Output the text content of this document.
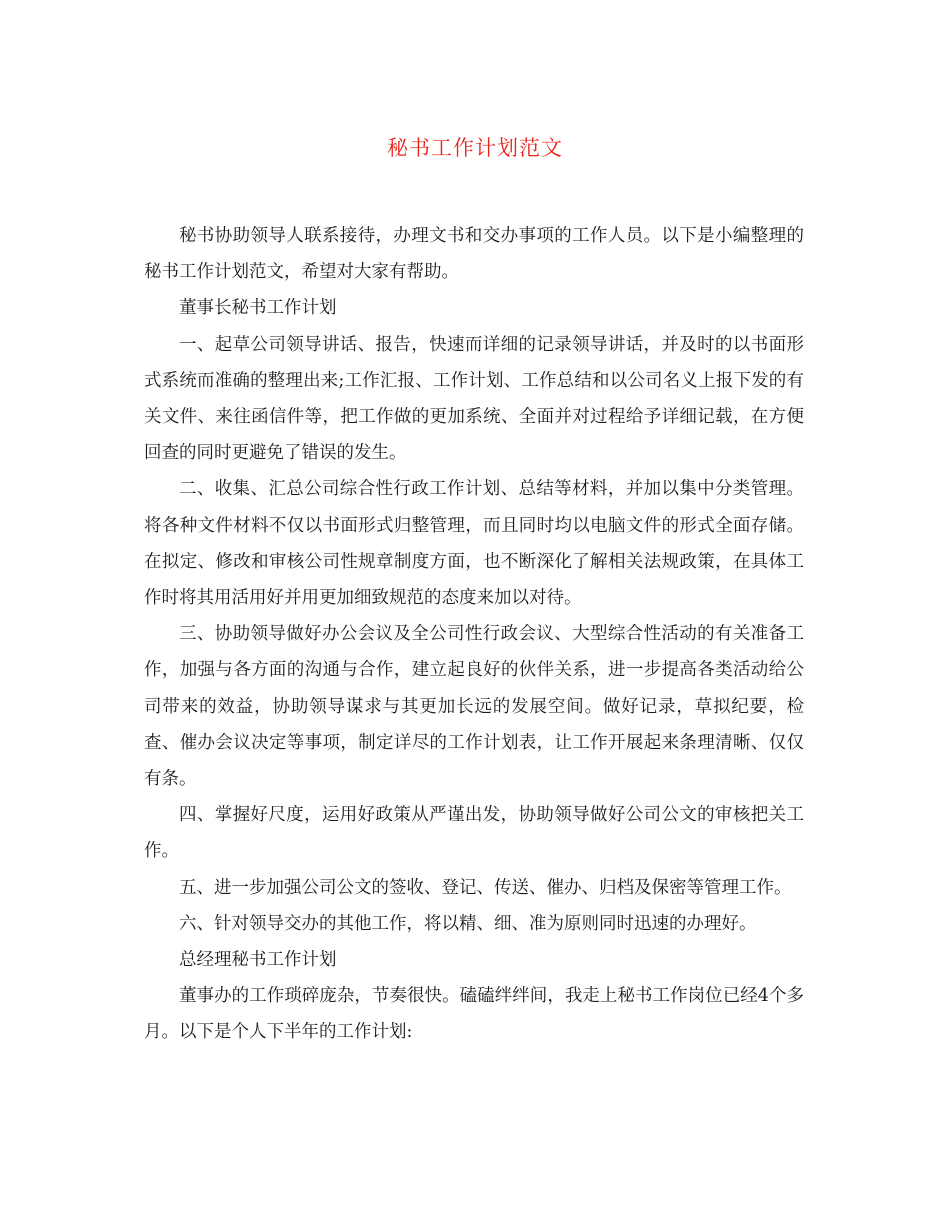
秘书工作计划范文

秘书协助领导人联系接待，办理文书和交办事项的工作人员。以下是小编整理的秘书工作计划范文，希望对大家有帮助。

董事长秘书工作计划

一、起草公司领导讲话、报告，快速而详细的记录领导讲话，并及时的以书面形式系统而准确的整理出来;工作汇报、工作计划、工作总结和以公司名义上报下发的有关文件、来往函信件等，把工作做的更加系统、全面并对过程给予详细记载，在方便回查的同时更避免了错误的发生。

二、收集、汇总公司综合性行政工作计划、总结等材料，并加以集中分类管理。将各种文件材料不仅以书面形式归整管理，而且同时均以电脑文件的形式全面存储。在拟定、修改和审核公司性规章制度方面，也不断深化了解相关法规政策，在具体工作时将其用活用好并用更加细致规范的态度来加以对待。

三、协助领导做好办公会议及全公司性行政会议、大型综合性活动的有关准备工作，加强与各方面的沟通与合作，建立起良好的伙伴关系，进一步提高各类活动给公司带来的效益，协助领导谋求与其更加长远的发展空间。做好记录，草拟纪要，检查、催办会议决定等事项，制定详尽的工作计划表，让工作开展起来条理清晰、仅仅有条。

四、掌握好尺度，运用好政策从严谨出发，协助领导做好公司公文的审核把关工作。

五、进一步加强公司公文的签收、登记、传送、催办、归档及保密等管理工作。

六、针对领导交办的其他工作，将以精、细、准为原则同时迅速的办理好。

总经理秘书工作计划

董事办的工作琐碎庞杂，节奏很快。磕磕绊绊间，我走上秘书工作岗位已经4个多月。以下是个人下半年的工作计划:
